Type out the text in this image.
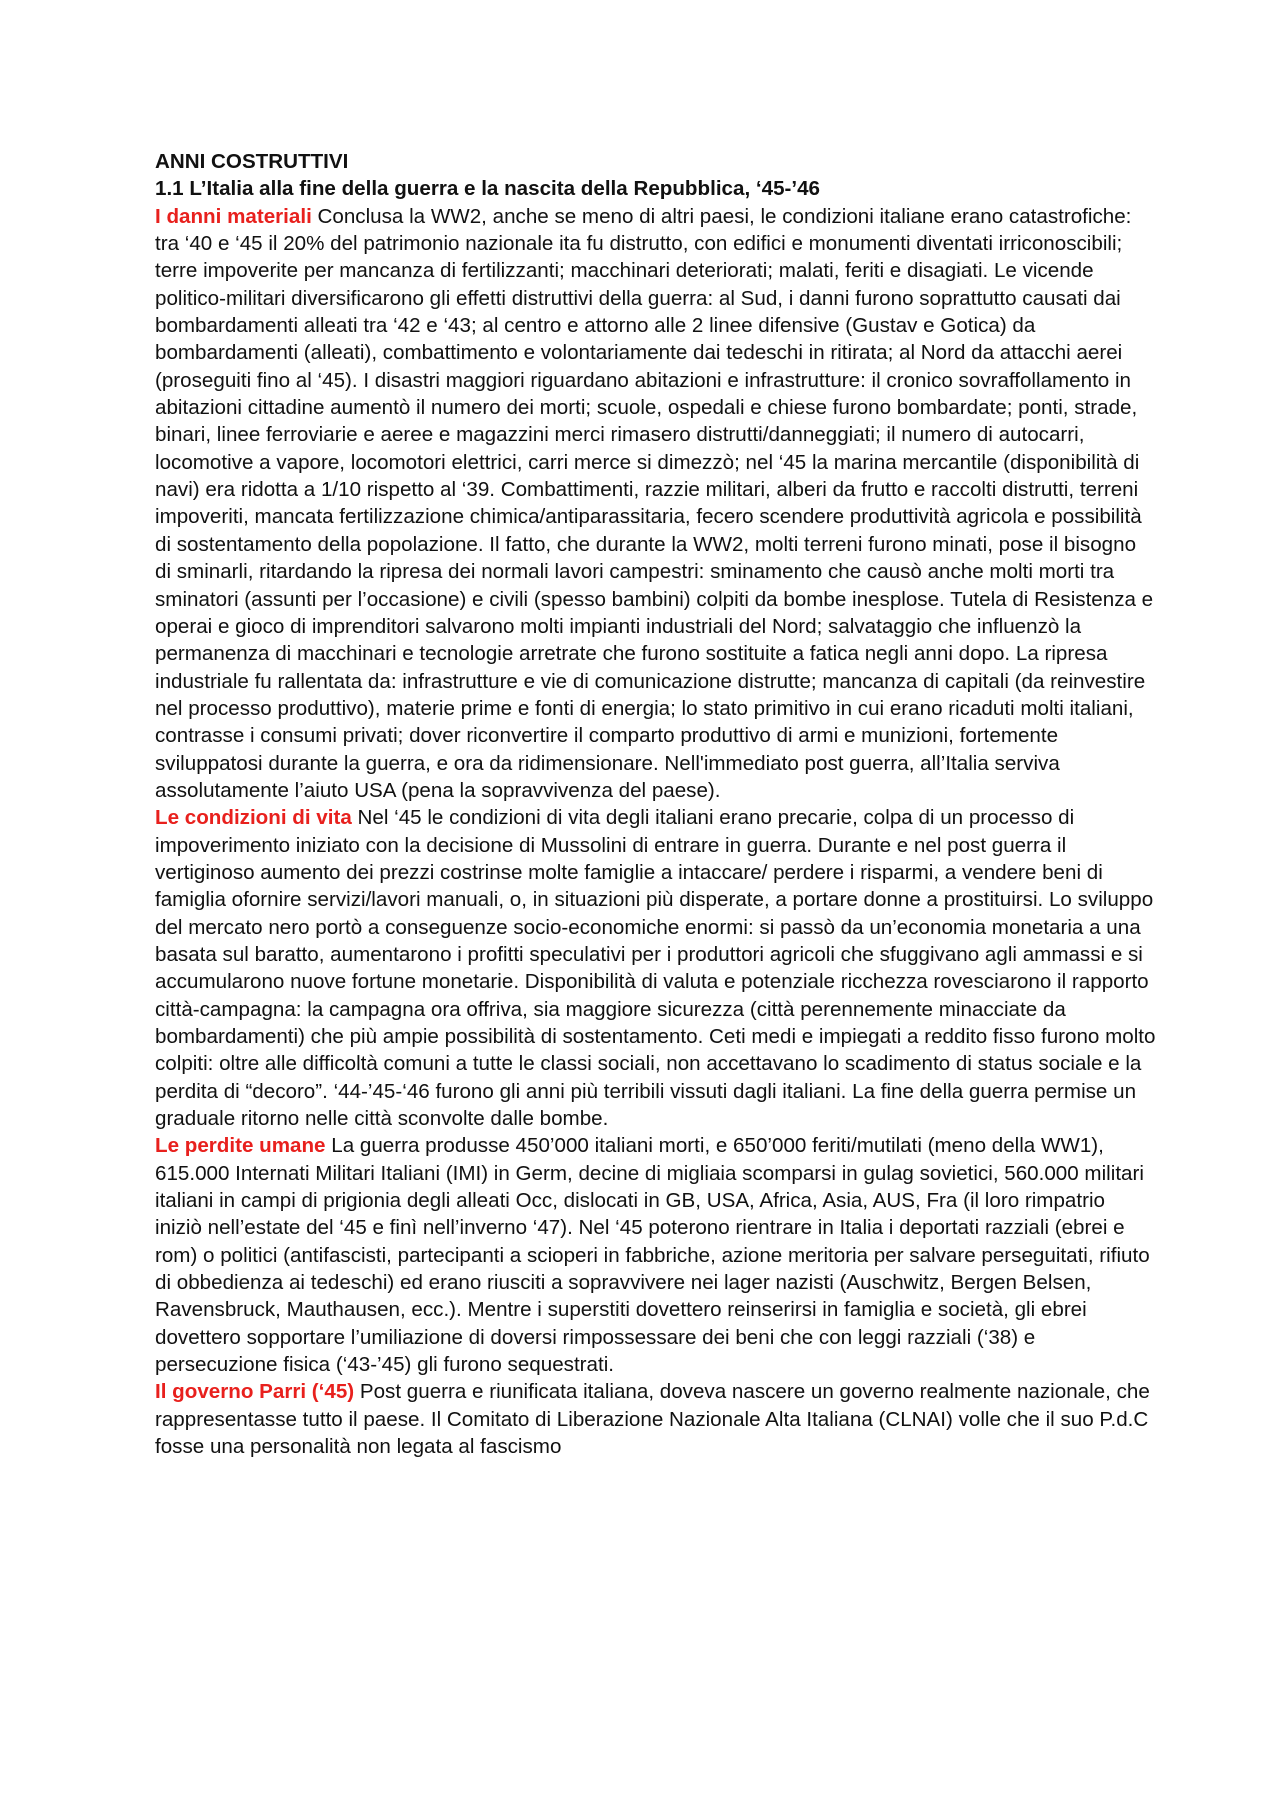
ANNI COSTRUTTIVI
1.1 L’Italia alla fine della guerra e la nascita della Repubblica, ‘45-’46

I danni materiali Conclusa la WW2, anche se meno di altri paesi, le condizioni italiane erano catastrofiche: tra ‘40 e ‘45 il 20% del patrimonio nazionale ita fu distrutto, con edifici e monumenti diventati irriconoscibili; terre impoverite per mancanza di fertilizzanti; macchinari deteriorati; malati, feriti e disagiati. Le vicende politico-militari diversificarono gli effetti distruttivi della guerra: al Sud, i danni furono soprattutto causati dai bombardamenti alleati tra ‘42 e ‘43; al centro e attorno alle 2 linee difensive (Gustav e Gotica) da bombardamenti (alleati), combattimento e volontariamente dai tedeschi in ritirata; al Nord da attacchi aerei (proseguiti fino al ‘45). I disastri maggiori riguardano abitazioni e infrastrutture: il cronico sovraffollamento in abitazioni cittadine aumentò il numero dei morti; scuole, ospedali e chiese furono bombardate; ponti, strade, binari, linee ferroviarie e aeree e magazzini merci rimasero distrutti/danneggiati; il numero di autocarri, locomotive a vapore, locomotori elettrici, carri merce si dimezzò; nel ‘45 la marina mercantile (disponibilità di navi) era ridotta a 1/10 rispetto al ‘39. Combattimenti, razzie militari, alberi da frutto e raccolti distrutti, terreni impoveriti, mancata fertilizzazione chimica/antiparassitaria, fecero scendere produttività agricola e possibilità di sostentamento della popolazione. Il fatto, che durante la WW2, molti terreni furono minati, pose il bisogno di sminarli, ritardando la ripresa dei normali lavori campestri: sminamento che causò anche molti morti tra sminatori (assunti per l’occasione) e civili (spesso bambini) colpiti da bombe inesplose. Tutela di Resistenza e operai e gioco di imprenditori salvarono molti impianti industriali del Nord; salvataggio che influenzò la permanenza di macchinari e tecnologie arretrate che furono sostituite a fatica negli anni dopo. La ripresa industriale fu rallentata da: infrastrutture e vie di comunicazione distrutte; mancanza di capitali (da reinvestire nel processo produttivo), materie prime e fonti di energia; lo stato primitivo in cui erano ricaduti molti italiani, contrasse i consumi privati; dover riconvertire il comparto produttivo di armi e munizioni, fortemente sviluppatosi durante la guerra, e ora da ridimensionare. Nell'immediato post guerra, all’Italia serviva assolutamente l’aiuto USA (pena la sopravvivenza del paese).

Le condizioni di vita Nel ‘45 le condizioni di vita degli italiani erano precarie, colpa di un processo di impoverimento iniziato con la decisione di Mussolini di entrare in guerra. Durante e nel post guerra il vertiginoso aumento dei prezzi costrinse molte famiglie a intaccare/ perdere i risparmi, a vendere beni di famiglia ofornire servizi/lavori manuali, o, in situazioni più disperate, a portare donne a prostituirsi. Lo sviluppo del mercato nero portò a conseguenze socio-economiche enormi: si passò da un’economia monetaria a una basata sul baratto, aumentarono i profitti speculativi per i produttori agricoli che sfuggivano agli ammassi e si accumularono nuove fortune monetarie. Disponibilità di valuta e potenziale ricchezza rovesciarono il rapporto città-campagna: la campagna ora offriva, sia maggiore sicurezza (città perennemente minacciate da bombardamenti) che più ampie possibilità di sostentamento. Ceti medi e impiegati a reddito fisso furono molto colpiti: oltre alle difficoltà comuni a tutte le classi sociali, non accettavano lo scadimento di status sociale e la perdita di “decoro”. ‘44-’45-‘46 furono gli anni più terribili vissuti dagli italiani. La fine della guerra permise un graduale ritorno nelle città sconvolte dalle bombe.

Le perdite umane La guerra produsse 450’000 italiani morti, e 650’000 feriti/mutilati (meno della WW1), 615.000 Internati Militari Italiani (IMI) in Germ, decine di migliaia scomparsi in gulag sovietici, 560.000 militari italiani in campi di prigionia degli alleati Occ, dislocati in GB, USA, Africa, Asia, AUS, Fra (il loro rimpatrio iniziò nell’estate del ‘45 e finì nell’inverno ‘47). Nel ‘45 poterono rientrare in Italia i deportati razziali (ebrei e rom) o politici (antifascisti, partecipanti a scioperi in fabbriche, azione meritoria per salvare perseguitati, rifiuto di obbedienza ai tedeschi) ed erano riusciti a sopravvivere nei lager nazisti (Auschwitz, Bergen Belsen, Ravensbruck, Mauthausen, ecc.). Mentre i superstiti dovettero reinserirsi in famiglia e società, gli ebrei dovettero sopportare l’umiliazione di doversi rimpossessare dei beni che con leggi razziali (‘38) e persecuzione fisica (‘43-’45) gli furono sequestrati.

Il governo Parri (‘45) Post guerra e riunificata italiana, doveva nascere un governo realmente nazionale, che rappresentasse tutto il paese. Il Comitato di Liberazione Nazionale Alta Italiana (CLNAI) volle che il suo P.d.C fosse una personalità non legata al fascismo
